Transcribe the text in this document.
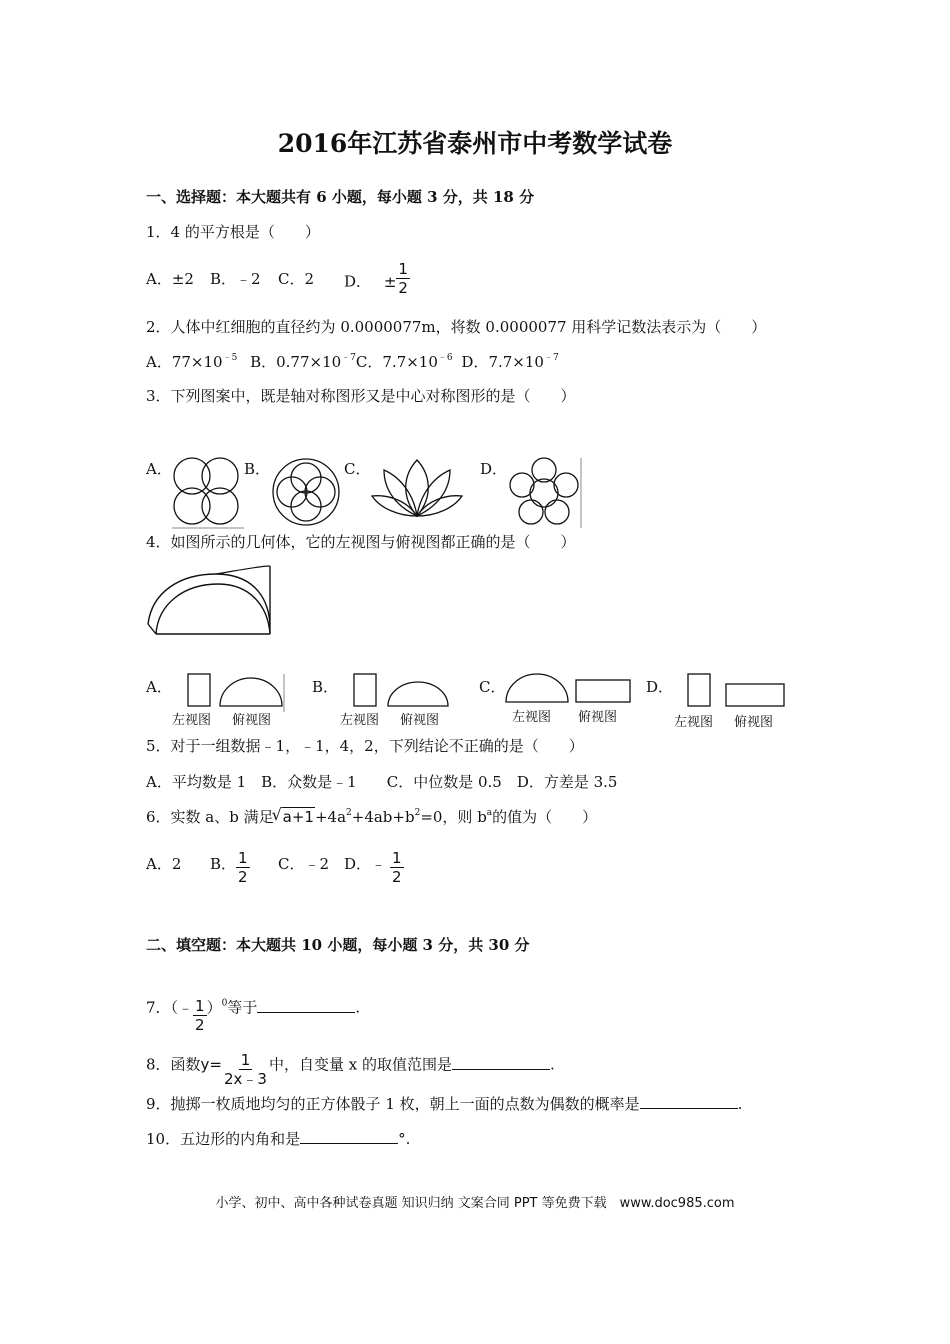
2016年江苏省泰州市中考数学试卷
一、选择题：本大题共有 6 小题，每小题 3 分，共 18 分
1．4 的平方根是（　　）
A．±2 B．﹣2 C．2 D． ± $\frac{1}{2}$
2．人体中红细胞的直径约为 0.0000077m，将数 0.0000077 用科学记数法表示为（　　）
A．$77\times 10^{﹣5}$ B．$0.77\times 10^{﹣7}C$．$7.7\times 10^{﹣6}$ D．$7.7\times 10^{﹣7}$
3．下列图案中，既是轴对称图形又是中心对称图形的是（　　）
A．	B．	C．	D．
4．如图所示的几何体，它的左视图与俯视图都正确的是（　　）
A．
左视图 俯视图
B．
左视图 俯视图
C．
左视图 俯视图
D．
左视图 俯视图
5．对于一组数据﹣1，﹣1，4，2，下列结论不正确的是（　　）
A．平均数是 1　B．众数是﹣1　　C．中位数是 0.5　D．方差是 3.5
6．实数 a、b 满足√ $a+1+4a^2+4ab+b^2=0$，则 $b^a$的值为（　　）
A．2 B． $\frac{1}{2}$ C．﹣2 D．﹣ $\frac{1}{2}$
二、填空题：本大题共 10 小题，每小题 3 分，共 30 分
7．（﹣ $\frac{1}{2} )^0$等于	.
8．函数$y= \frac{1}{2x﹣3}$ 中，自变量 x 的取值范围是	.
9．抛掷一枚质地均匀的正方体骰子 1 枚，朝上一面的点数为偶数的概率是	.
10．五边形的内角和是	°.
小学、初中、高中各种试卷真题 知识归纳 文案合同 PPT 等免费下载　www.doc985.com
